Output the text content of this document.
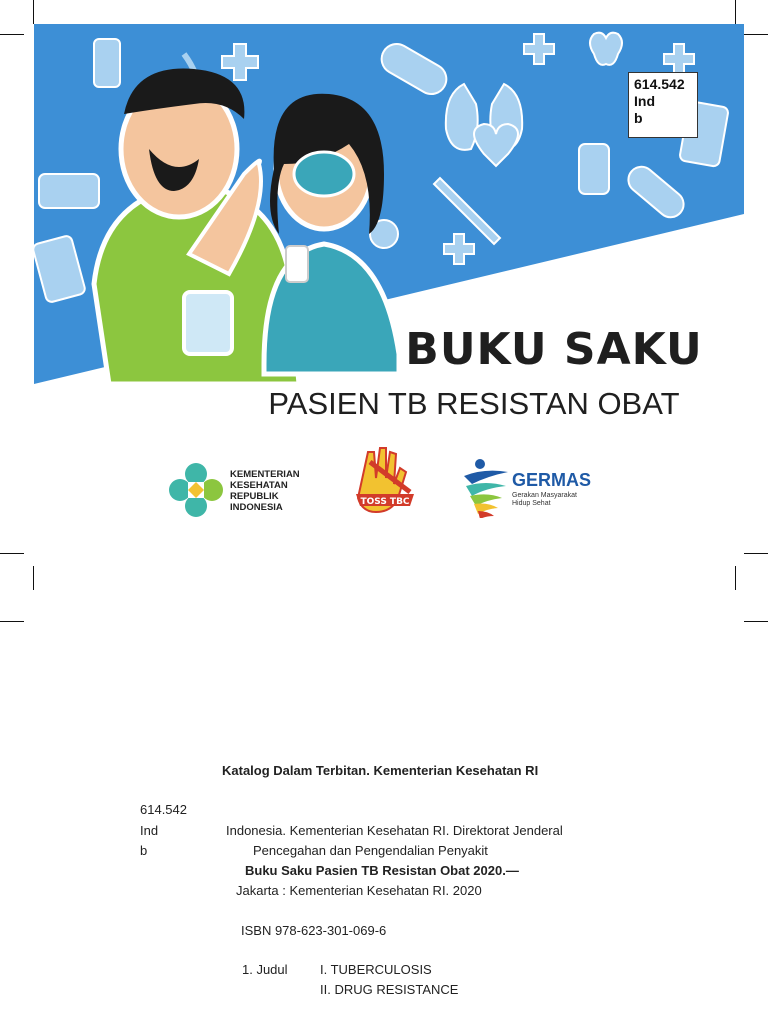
BUKU SAKU
PASIEN TB RESISTAN OBAT
KEMENTERIAN
KESEHATAN
REPUBLIK
INDONESIA	TOSS TBC
GERMAS
Gerakan Masyarakat
Hidup Sehat
614.542
Ind
b
Katalog Dalam Terbitan. Kementerian Kesehatan RI
614.542
Ind
b
Indonesia. Kementerian Kesehatan RI. Direktorat Jenderal
Pencegahan dan Pengendalian Penyakit
Buku Saku Pasien TB Resistan Obat 2020.—
Jakarta : Kementerian Kesehatan RI. 2020
ISBN 978-623-301-069-6
1. Judul I. TUBERCULOSIS
II. DRUG RESISTANCE
